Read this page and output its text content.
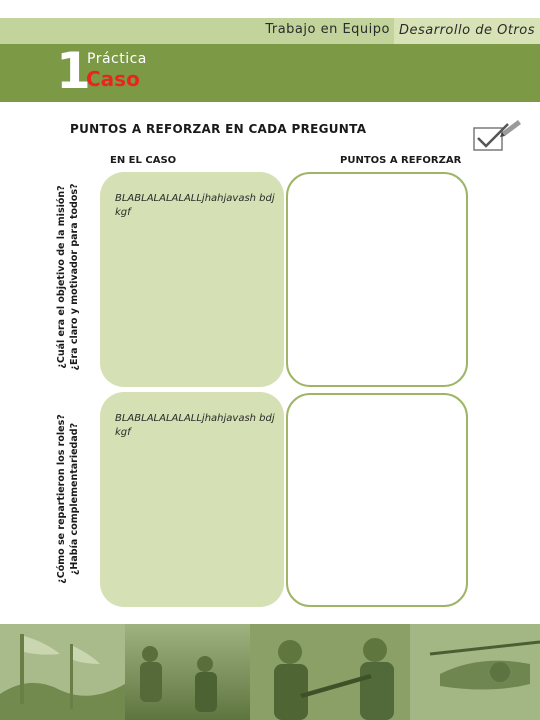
Trabajo en Equipo Desarrollo de Otros
1
Práctica
Caso
PUNTOS A REFORZAR EN CADA PREGUNTA
EN EL CASO	PUNTOS A REFORZAR
¿Cuál era el objetivo de la misión? ¿Era claro y motivador para todos?
¿Cómo se repartieron los roles? ¿Había complementariedad?
BLABLALALALALLjhahjavash bdjkgf
BLABLALALALALLjhahjavash bdjkgf
